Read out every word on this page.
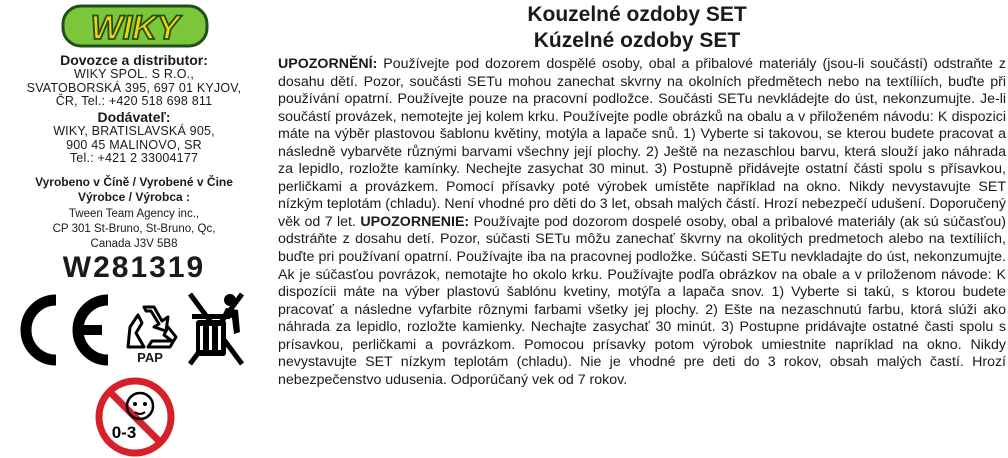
WIKY
Dovozce a distributor:
WIKY SPOL. S R.O.,
SVATOBORSKÁ 395, 697 01 KYJOV,
ČR, Tel.: +420 518 698 811
Dodávateľ:
WIKY, BRATISLAVSKÁ 905,
900 45 MALINOVO, SR
Tel.: +421 2 33004177
Vyrobeno v Číně / Vyrobené v Čine
Výrobce / Výrobca :
Tween Team Agency inc.,
CP 301 St-Bruno, St-Bruno, Qc,
Canada J3V 5B8
W281319
PAP
0-3
Kouzelné ozdoby SET
Kúzelné ozdoby SET
UPOZORNĚNÍ: Používejte pod dozorem dospělé osoby, obal a přibalové materiály (jsou-li součástí) odstraňte z dosahu dětí. Pozor, součásti SETu mohou zanechat skvrny na okolních předmětech nebo na textíliích, buďte při používání opatrní. Používejte pouze na pracovní podložce. Součásti SETu nevkládejte do úst, nekonzumujte. Je-li součástí provázek, nemotejte jej kolem krku. Používejte podle obrázků na obalu a v přiloženém návodu: K dispozici máte na výběr plastovou šablonu květiny, motýla a lapače snů. 1) Vyberte si takovou, se kterou budete pracovat a následně vybarvěte různými barvami všechny její plochy. 2) Ještě na nezaschlou barvu, která slouží jako náhrada za lepidlo, rozložte kamínky. Nechejte zasychat 30 minut. 3) Postupně přidávejte ostatní části spolu s přísavkou, perličkami a provázkem. Pomocí přísavky poté výrobek umístěte například na okno. Nikdy nevystavujte SET nízkým teplotám (chladu). Není vhodné pro děti do 3 let, obsah malých částí. Hrozí nebezpečí udušení. Doporučený věk od 7 let. UPOZORNENIE: Používajte pod dozorom dospelé osoby, obal a prìbalové materiály (ak sú súčasťou) odstráňte z dosahu detí. Pozor, súčasti SETu môžu zanechať škvrny na okolitých predmetoch alebo na textíliích, buďte pri používaní opatrní. Používajte iba na pracovnej podložke. Súčasti SETu nevkladajte do úst, nekonzumujte. Ak je súčasťou povrázok, nemotajte ho okolo krku. Používajte podľa obrázkov na obale a v priloženom návode: K dispozícii máte na výber plastovú šablónu kvetiny, motýľa a lapača snov. 1) Vyberte si takú, s ktorou budete pracovať a následne vyfarbite rôznymi farbami všetky jej plochy. 2) Ešte na nezaschnutú farbu, ktorá slúži ako náhrada za lepidlo, rozložte kamienky. Nechajte zasychať 30 minút. 3) Postupne pridávajte ostatné časti spolu s prísavkou, perličkami a povrázkom. Pomocou prísavky potom výrobok umiestnite napríklad na okno. Nikdy nevystavujte SET nízkym teplotám (chladu). Nie je vhodné pre deti do 3 rokov, obsah malých častí. Hrozí nebezpečenstvo udusenia. Odporúčaný vek od 7 rokov.
